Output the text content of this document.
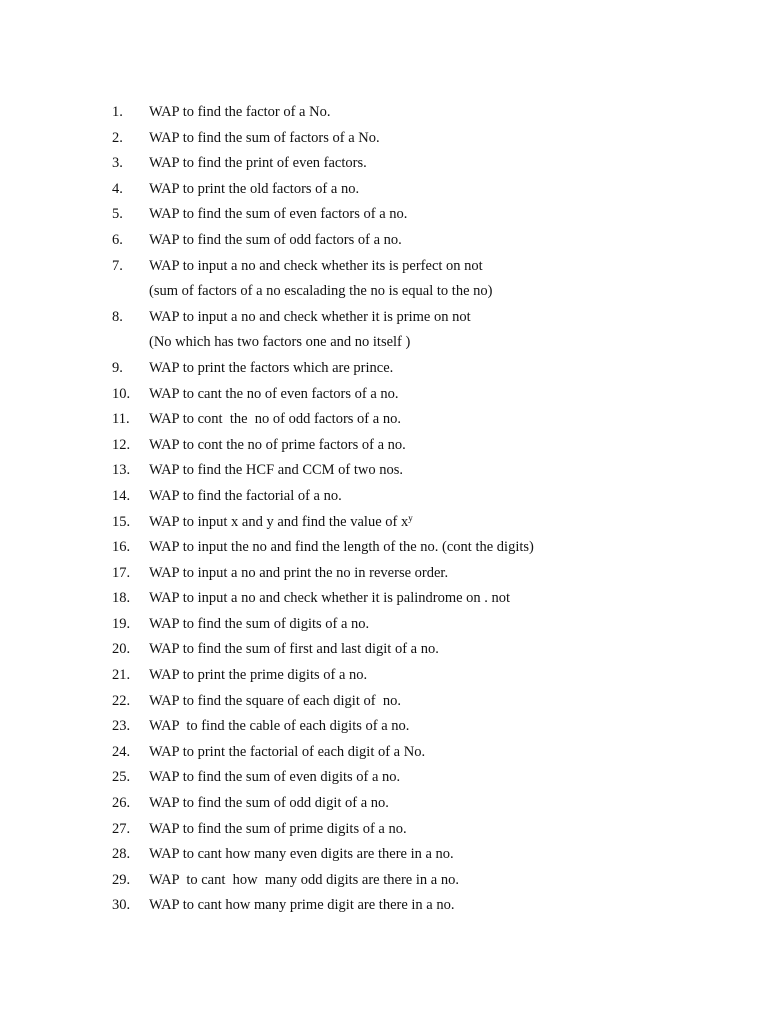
1.	WAP to find the factor of a No.
2.	WAP to find the sum of factors of a No.
3.	WAP to find the print of even factors.
4.	WAP to print the old factors of a no.
5.	WAP to find the sum of even factors of a no.
6.	WAP to find the sum of odd factors of a no.
7.	WAP to input a no and check whether its is perfect on not
(sum of factors of a no escalading the no is equal to the no)
8.	WAP to input a no and check whether it is prime on not
(No which has two factors one and no itself )
9.	WAP to print the factors which are prince.
10.	WAP to cant the no of even factors of a no.
11.	WAP to cont  the  no of odd factors of a no.
12.	WAP to cont the no of prime factors of a no.
13.	WAP to find the HCF and CCM of two nos.
14.	WAP to find the factorial of a no.
15.	WAP to input x and y and find the value of $x^y$
16.	WAP to input the no and find the length of the no. (cont the digits)
17.	WAP to input a no and print the no in reverse order.
18.	WAP to input a no and check whether it is palindrome on . not
19.	WAP to find the sum of digits of a no.
20.	WAP to find the sum of first and last digit of a no.
21.	WAP to print the prime digits of a no.
22.	WAP to find the square of each digit of  no.
23.	WAP  to find the cable of each digits of a no.
24.	WAP to print the factorial of each digit of a No.
25.	WAP to find the sum of even digits of a no.
26.	WAP to find the sum of odd digit of a no.
27.	WAP to find the sum of prime digits of a no.
28.	WAP to cant how many even digits are there in a no.
29.	WAP  to cant  how  many odd digits are there in a no.
30.	WAP to cant how many prime digit are there in a no.
